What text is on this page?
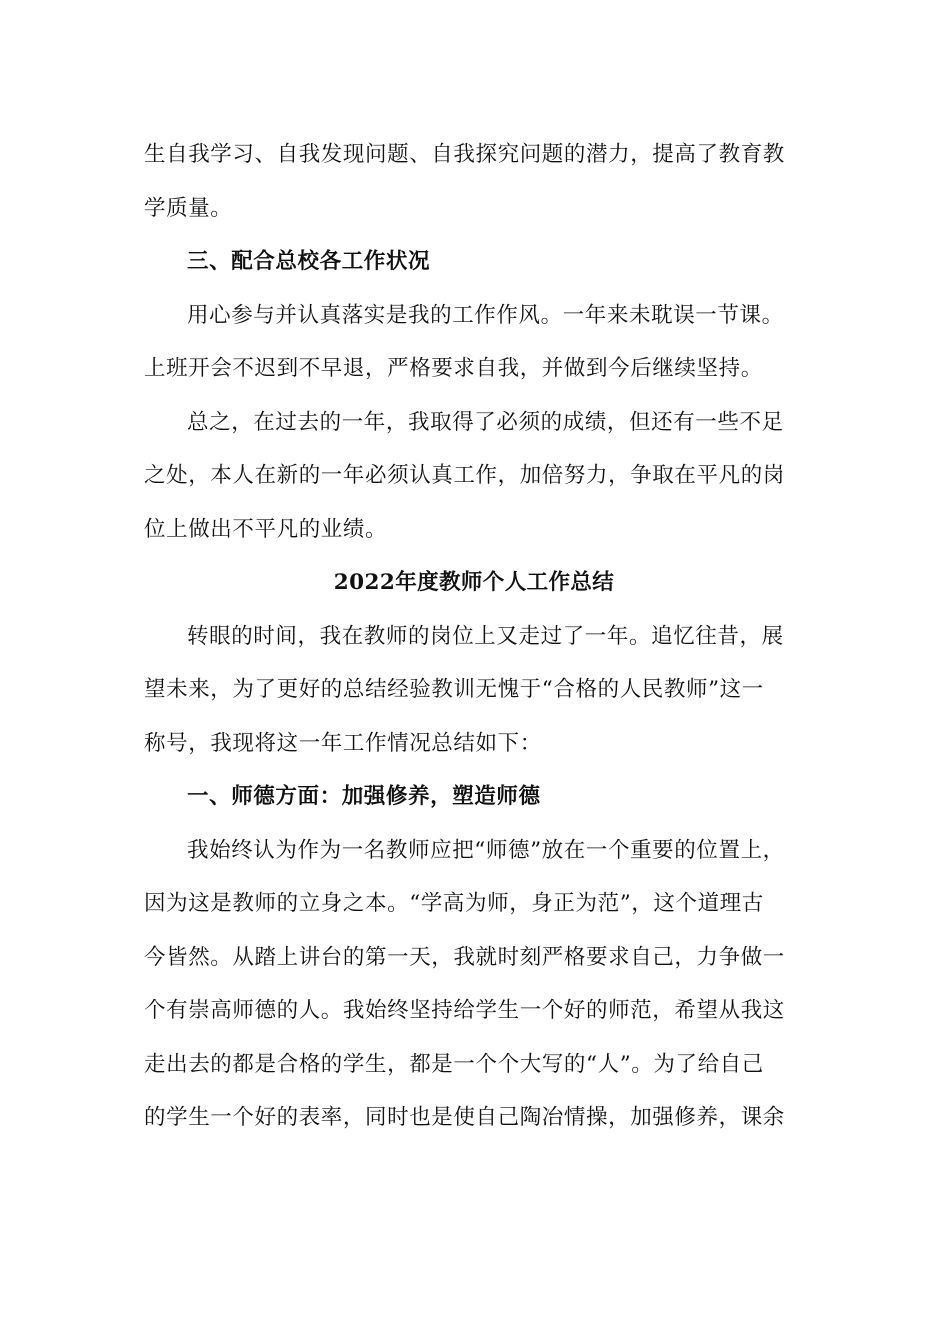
生自我学习、自我发现问题、自我探究问题的潜力，提高了教育教
学质量。

三、配合总校各工作状况

用心参与并认真落实是我的工作作风。一年来未耽误一节课。
上班开会不迟到不早退，严格要求自我，并做到今后继续坚持。

总之，在过去的一年，我取得了必须的成绩，但还有一些不足
之处，本人在新的一年必须认真工作，加倍努力，争取在平凡的岗
位上做出不平凡的业绩。

2022年度教师个人工作总结

转眼的时间，我在教师的岗位上又走过了一年。追忆往昔，展
望未来，为了更好的总结经验教训无愧于“合格的人民教师”这一
称号，我现将这一年工作情况总结如下：

一、师德方面：加强修养，塑造师德

我始终认为作为一名教师应把“师德”放在一个重要的位置上，
因为这是教师的立身之本。“学高为师，身正为范”，这个道理古
今皆然。从踏上讲台的第一天，我就时刻严格要求自己，力争做一
个有崇高师德的人。我始终坚持给学生一个好的师范，希望从我这
走出去的都是合格的学生，都是一个个大写的“人”。为了给自己
的学生一个好的表率，同时也是使自己陶冶情操，加强修养，课余
